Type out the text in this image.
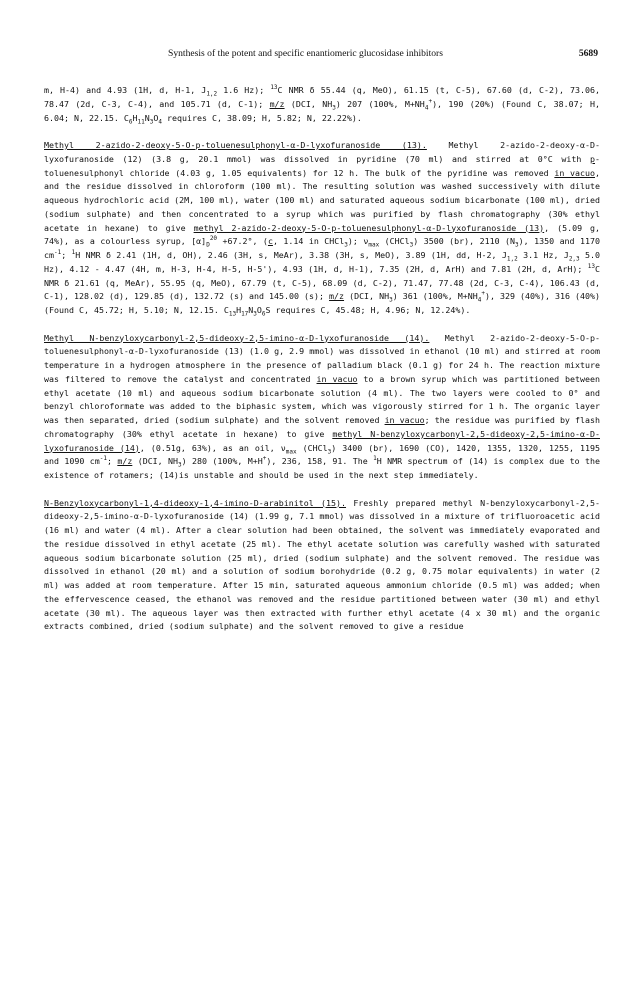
Synthesis of the potent and specific enantiomeric glucosidase inhibitors	5689

m, H-4) and 4.93 (1H, d, H-1, $J_{1,2}$ 1.6 Hz); $^{13}$C NMR δ 55.44 (q, MeO), 61.15 (t, C-5), 67.60 (d, C-2), 73.06, 78.47 (2d, C-3, C-4), and 105.71 (d, C-1); m/z (DCI, $NH_3$) 207 (100%, $M+NH_4^+$), 190 (20%) (Found C, 38.07; H, 6.04; N, 22.15. $C_6H_{11}N_3O_4$ requires C, 38.09; H, 5.82; N, 22.22%).

Methyl 2-azido-2-deoxy-5-O-p-toluenesulphonyl-α-D-lyxofuranoside (13). Methyl 2-azido-2-deoxy-α-D-lyxofuranoside (12) (3.8 g, 20.1 mmol) was dissolved in pyridine (70 ml) and stirred at 0°C with p-toluenesulphonyl chloride (4.03 g, 1.05 equivalents) for 12 h. The bulk of the pyridine was removed in vacuo, and the residue dissolved in chloroform (100 ml). The resulting solution was washed successively with dilute aqueous hydrochloric acid (2M, 100 ml), water (100 ml) and saturated aqueous sodium bicarbonate (100 ml), dried (sodium sulphate) and then concentrated to a syrup which was purified by flash chromatography (30% ethyl acetate in hexane) to give methyl 2-azido-2-deoxy-5-O-p-toluenesulphonyl-α-D-lyxofuranoside (13), (5.09 g, 74%), as a colourless syrup, $[\alpha]_D^{20} +67.2^\circ$, (c, 1.14 in CHCl$_3$); $\nu_{max}$ (CHCl$_3$) 3500 (br), 2110 $(N_3)$, 1350 and 1170 $cm^{-1}$; $^1$H NMR δ 2.41 (1H, d, OH), 2.46 (3H, s, MeAr), 3.38 (3H, s, MeO), 3.89 (1H, dd, H-2, $J_{1,2}$ 3.1 Hz, $J_{2,3}$ 5.0 Hz), 4.12 - 4.47 (4H, m, H-3, H-4, H-5, H-5'), 4.93 (1H, d, H-1), 7.35 (2H, d, ArH) and 7.81 (2H, d, ArH); $^{13}$C NMR δ 21.61 (q, MeAr), 55.95 (q, MeO), 67.79 (t, C-5), 68.09 (d, C-2), 71.47, 77.48 (2d, C-3, C-4), 106.43 (d, C-1), 128.02 (d), 129.85 (d), 132.72 (s) and 145.00 (s); m/z (DCI, $NH_3$) 361 (100%, $M+NH_4^+$), 329 (40%), 316 (40%) (Found C, 45.72; H, 5.10; N, 12.15. $C_{13}H_{17}N_3O_6S$ requires C, 45.48; H, 4.96; N, 12.24%).

Methyl N-benzyloxycarbonyl-2,5-dideoxy-2,5-imino-α-D-lyxofuranoside (14). Methyl 2-azido-2-deoxy-5-O-p-toluenesulphonyl-α-D-lyxofuranoside (13) (1.0 g, 2.9 mmol) was dissolved in ethanol (10 ml) and stirred at room temperature in a hydrogen atmosphere in the presence of palladium black (0.1 g) for 24 h. The reaction mixture was filtered to remove the catalyst and concentrated in vacuo to a brown syrup which was partitioned between ethyl acetate (10 ml) and aqueous sodium bicarbonate solution (4 ml). The two layers were cooled to 0° and benzyl chloroformate was added to the biphasic system, which was vigorously stirred for 1 h. The organic layer was then separated, dried (sodium sulphate) and the solvent removed in vacuo; the residue was purified by flash chromatography (30% ethyl acetate in hexane) to give methyl N-benzyloxycarbonyl-2,5-dideoxy-2,5-imino-α-D-lyxofuranoside (14), (0.51g, 63%), as an oil, $\nu_{max}$ (CHCl$_3$) 3400 (br), 1690 (CO), 1420, 1355, 1320, 1255, 1195 and 1090 $cm^{-1}$; m/z (DCI, $NH_3$) 280 (100%, M+H+), 236, 158, 91. The $^1$H NMR spectrum of (14) is complex due to the existence of rotamers; (14)is unstable and should be used in the next step immediately.

N-Benzyloxycarbonyl-1,4-dideoxy-1,4-imino-D-arabinitol (15). Freshly prepared methyl N-benzyloxycarbonyl-2,5-dideoxy-2,5-imino-α-D-lyxofuranoside (14) (1.99 g, 7.1 mmol) was dissolved in a mixture of trifluoroacetic acid (16 ml) and water (4 ml). After a clear solution had been obtained, the solvent was immediately evaporated and the residue dissolved in ethyl acetate (25 ml). The ethyl acetate solution was carefully washed with saturated aqueous sodium bicarbonate solution (25 ml), dried (sodium sulphate) and the solvent removed. The residue was dissolved in ethanol (20 ml) and a solution of sodium borohydride (0.2 g, 0.75 molar equivalents) in water (2 ml) was added at room temperature. After 15 min, saturated aqueous ammonium chloride (0.5 ml) was added; when the effervescence ceased, the ethanol was removed and the residue partitioned between water (30 ml) and ethyl acetate (30 ml). The aqueous layer was then extracted with further ethyl acetate (4 x 30 ml) and the organic extracts combined, dried (sodium sulphate) and the solvent removed to give a residue
